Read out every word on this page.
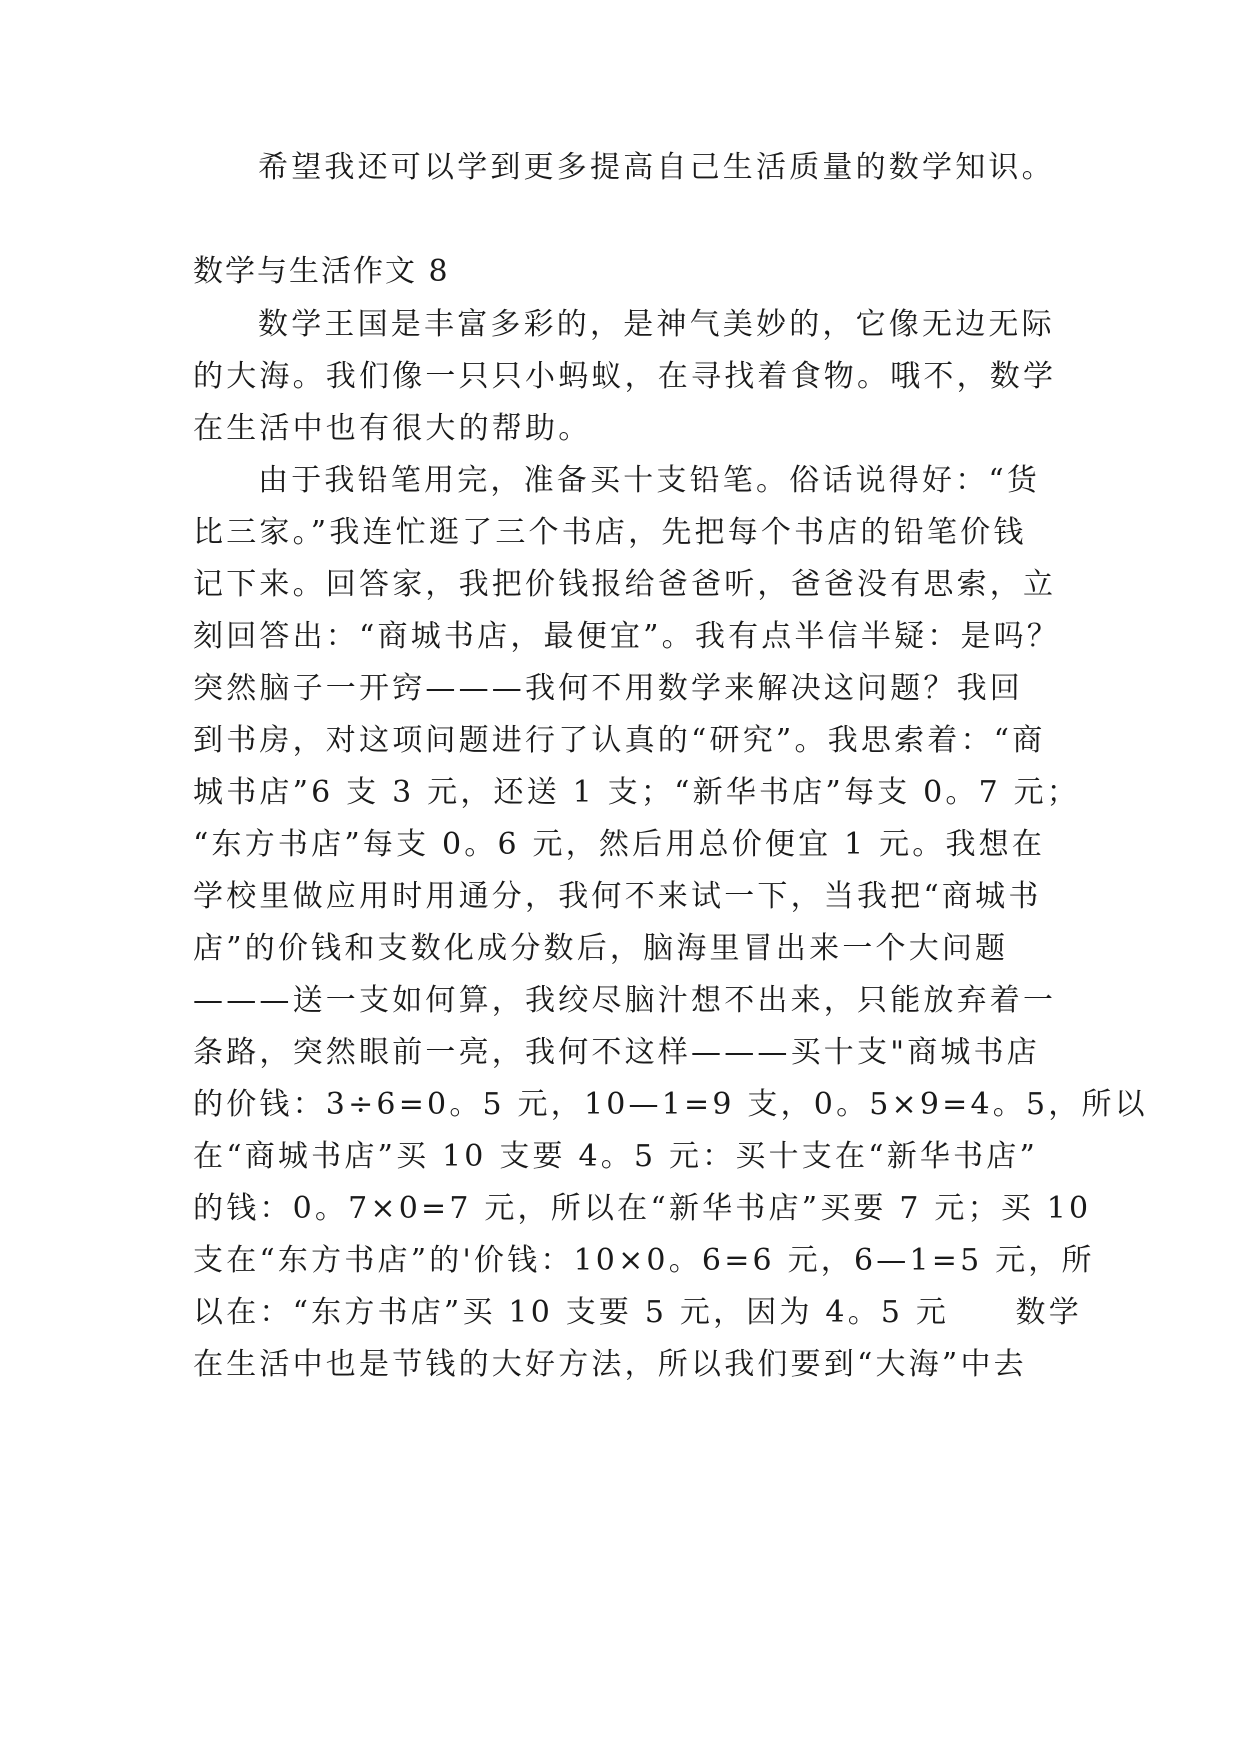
希望我还可以学到更多提高自己生活质量的数学知识。
数学与生活作文 8
数学王国是丰富多彩的，是神气美妙的，它像无边无际
的大海。我们像一只只小蚂蚁，在寻找着食物。哦不，数学
在生活中也有很大的帮助。
由于我铅笔用完，准备买十支铅笔。俗话说得好：“货
比三家。”我连忙逛了三个书店，先把每个书店的铅笔价钱
记下来。回答家，我把价钱报给爸爸听，爸爸没有思索，立
刻回答出：“商城书店，最便宜”。我有点半信半疑：是吗？
突然脑子一开窍———我何不用数学来解决这问题？我回
到书房，对这项问题进行了认真的“研究”。我思索着：“商
城书店”6 支 3 元，还送 1 支；“新华书店”每支 0。7 元；
“东方书店”每支 0。6 元，然后用总价便宜 1 元。我想在
学校里做应用时用通分，我何不来试一下，当我把“商城书
店”的价钱和支数化成分数后，脑海里冒出来一个大问题
———送一支如何算，我绞尽脑汁想不出来，只能放弃着一
条路，突然眼前一亮，我何不这样———买十支"商城书店
的价钱：3÷6=0。5 元，10—1=9 支，0。5×9=4。5，所以
在“商城书店”买 10 支要 4。5 元：买十支在“新华书店”
的钱：0。7×0=7 元，所以在“新华书店”买要 7 元；买 10
支在“东方书店”的'价钱：10×0。6=6 元，6—1=5 元，所
以在：“东方书店”买 10 支要 5 元，因为 4。5 元　　数学
在生活中也是节钱的大好方法，所以我们要到“大海”中去
